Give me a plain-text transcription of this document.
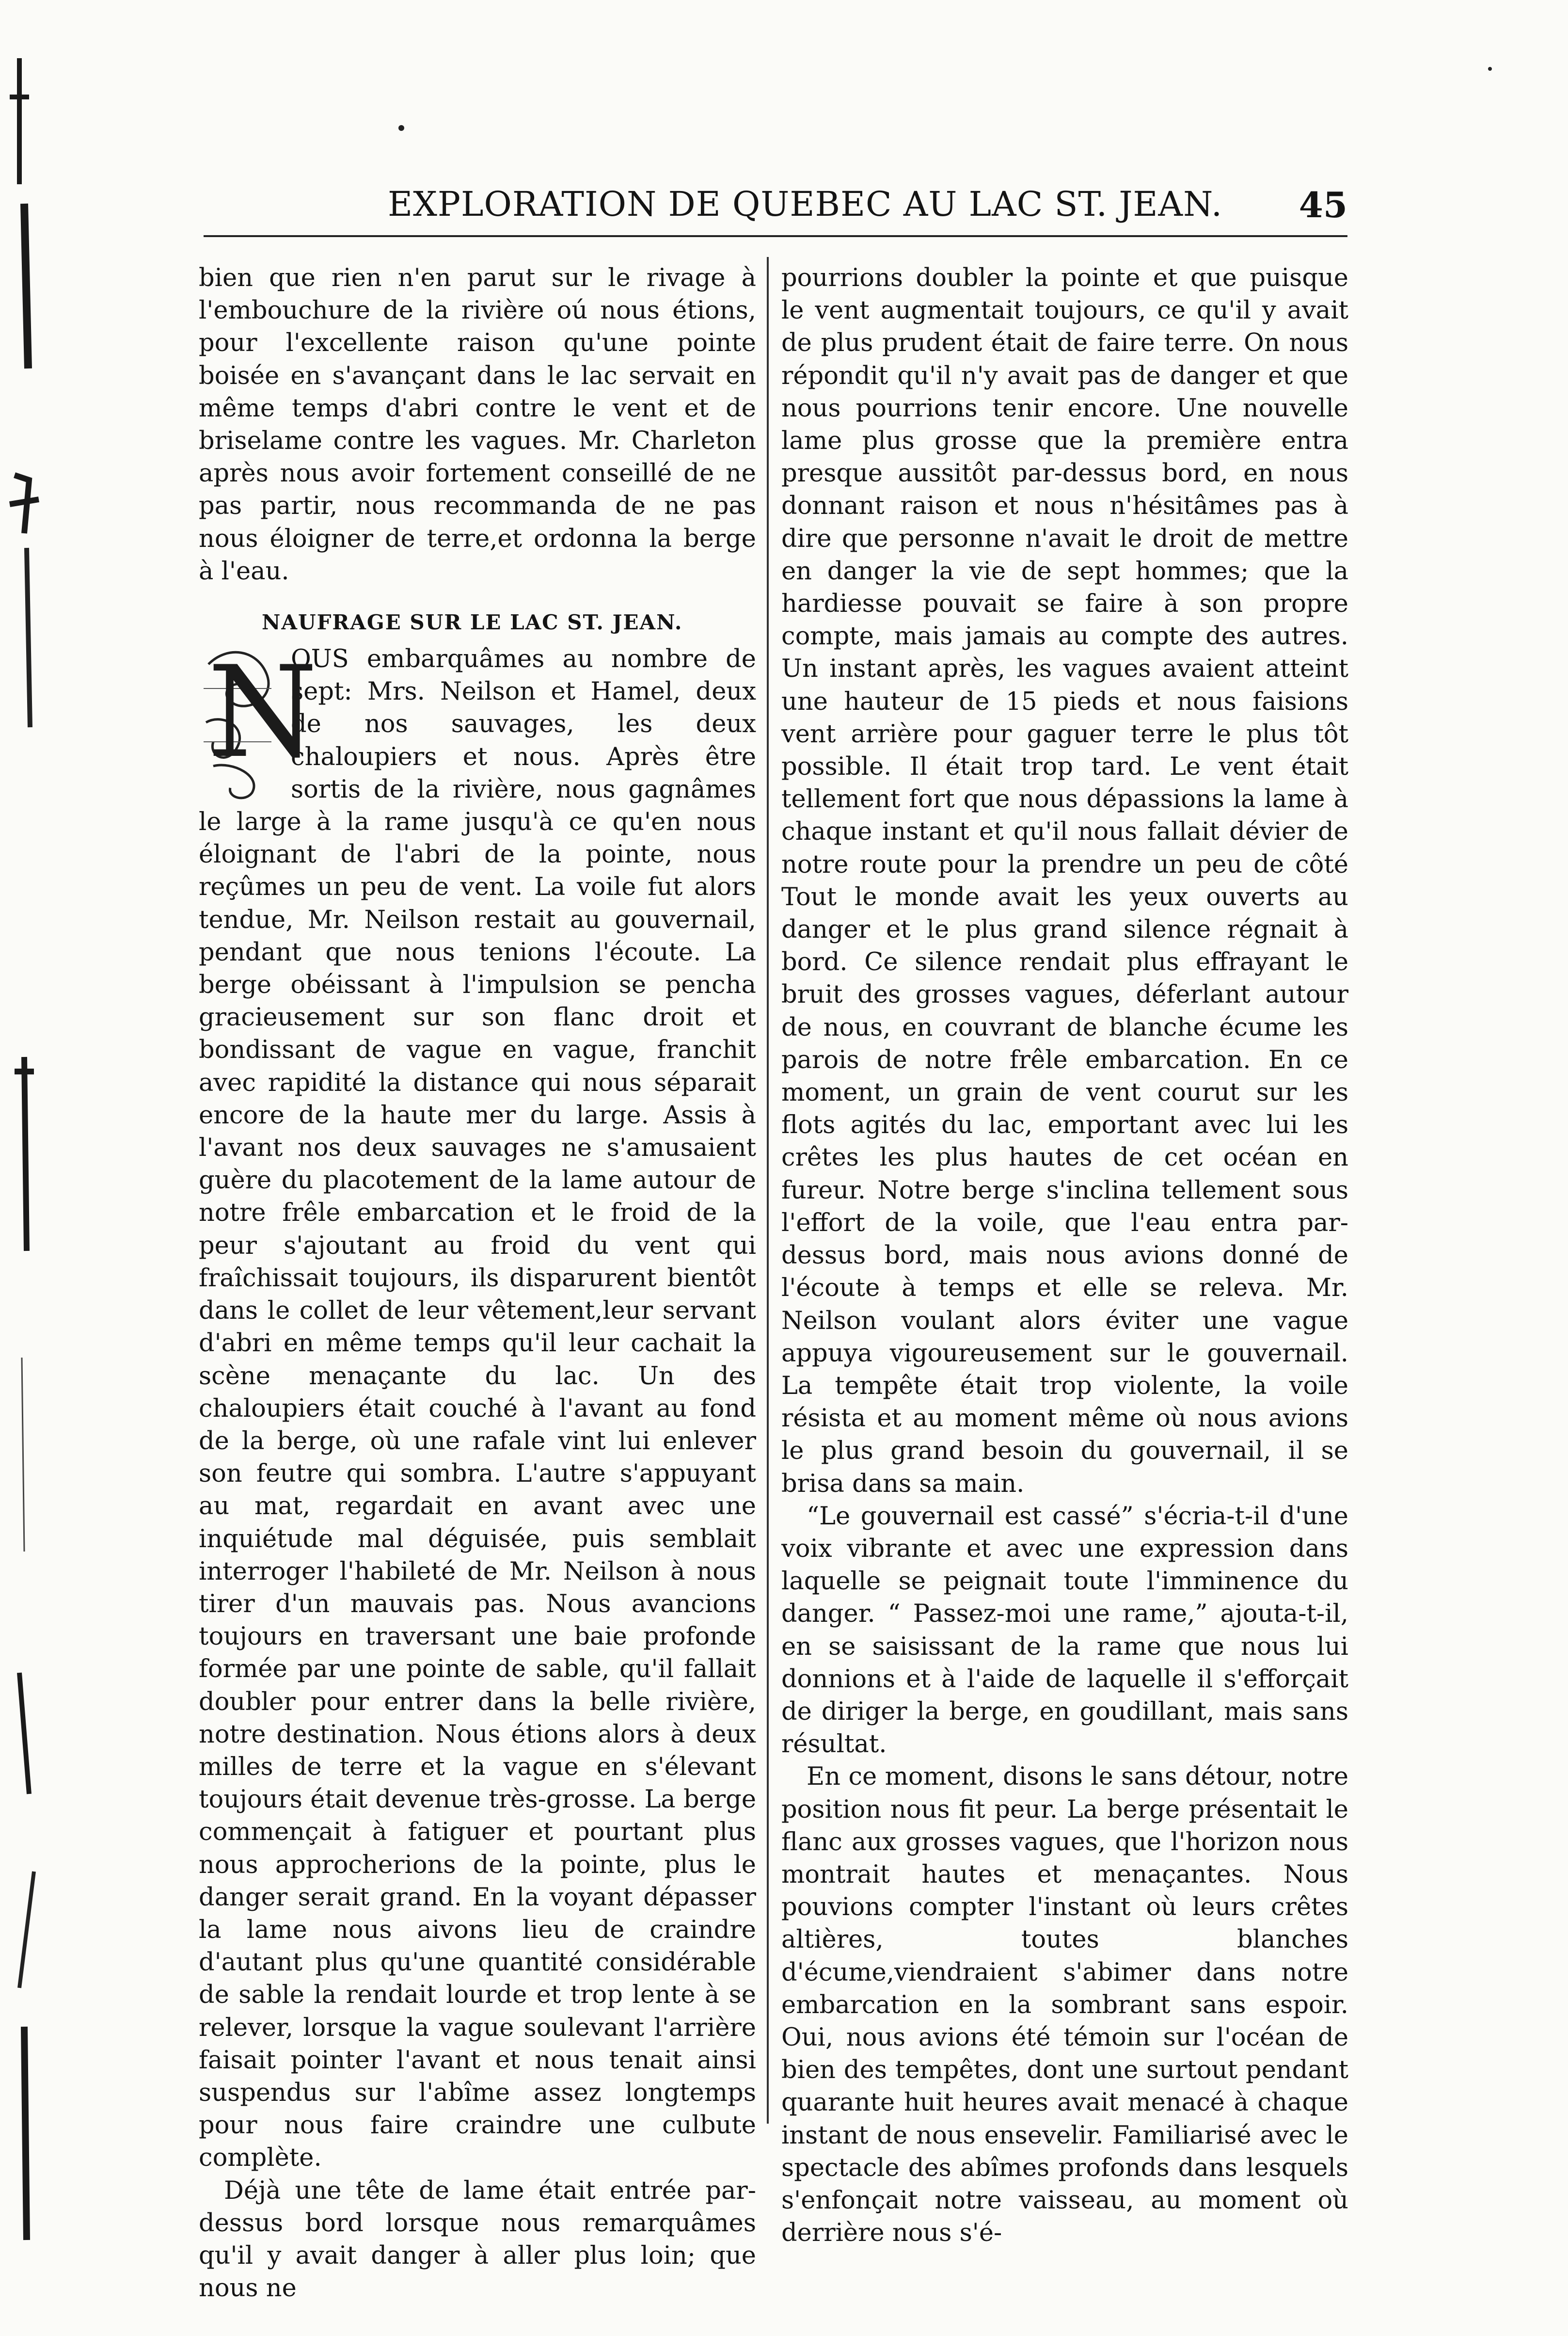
EXPLORATION DE QUEBEC AU LAC ST. JEAN. 45

bien que rien n'en parut sur le rivage à l'embouchure de la rivière oú nous étions, pour l'excellente raison qu'une pointe boisée en s'avançant dans le lac servait en même temps d'abri contre le vent et de briselame contre les vagues. Mr. Charleton après nous avoir fortement conseillé de ne pas partir, nous recommanda de ne pas nous éloigner de terre,et ordonna la berge à l'eau.

NAUFRAGE SUR LE LAC ST. JEAN.
N

OUS embarquâmes au nombre de sept: Mrs. Neilson et Hamel, deux de nos sauvages, les deux chaloupiers et nous. Après être sortis de la rivière, nous gagnâmes le large à la rame jusqu'à ce qu'en nous éloignant de l'abri de la pointe, nous reçûmes un peu de vent. La voile fut alors tendue, Mr. Neilson restait au gouvernail, pendant que nous tenions l'écoute. La berge obéissant à l'impulsion se pencha gracieusement sur son flanc droit et bondissant de vague en vague, franchit avec rapidité la distance qui nous séparait encore de la haute mer du large. Assis à l'avant nos deux sauvages ne s'amusaient guère du placotement de la lame autour de notre frêle embarcation et le froid de la peur s'ajoutant au froid du vent qui fraîchissait toujours, ils disparurent bientôt dans le collet de leur vêtement,leur servant d'abri en même temps qu'il leur cachait la scène menaçante du lac. Un des chaloupiers était couché à l'avant au fond de la berge, où une rafale vint lui enlever son feutre qui sombra. L'autre s'appuyant au mat, regardait en avant avec une inquiétude mal déguisée, puis semblait interroger l'habileté de Mr. Neilson à nous tirer d'un mauvais pas. Nous avancions toujours en traversant une baie profonde formée par une pointe de sable, qu'il fallait doubler pour entrer dans la belle rivière, notre destination. Nous étions alors à deux milles de terre et la vague en s'élevant toujours était devenue très-grosse. La berge commençait à fatiguer et pourtant plus nous approcherions de la pointe, plus le danger serait grand. En la voyant dépasser la lame nous aivons lieu de craindre d'autant plus qu'une quantité considérable de sable la rendait lourde et trop lente à se relever, lorsque la vague soulevant l'arrière faisait pointer l'avant et nous tenait ainsi suspendus sur l'abîme assez longtemps pour nous faire craindre une culbute complète.

Déjà une tête de lame était entrée par-dessus bord lorsque nous remarquâmes qu'il y avait danger à aller plus loin; que nous ne

pourrions doubler la pointe et que puisque le vent augmentait toujours, ce qu'il y avait de plus prudent était de faire terre. On nous répondit qu'il n'y avait pas de danger et que nous pourrions tenir encore. Une nouvelle lame plus grosse que la première entra presque aussitôt par-dessus bord, en nous donnant raison et nous n'hésitâmes pas à dire que personne n'avait le droit de mettre en danger la vie de sept hommes; que la hardiesse pouvait se faire à son propre compte, mais jamais au compte des autres. Un instant après, les vagues avaient atteint une hauteur de 15 pieds et nous faisions vent arrière pour gaguer terre le plus tôt possible. Il était trop tard. Le vent était tellement fort que nous dépassions la lame à chaque instant et qu'il nous fallait dévier de notre route pour la prendre un peu de côté Tout le monde avait les yeux ouverts au danger et le plus grand silence régnait à bord. Ce silence rendait plus effrayant le bruit des grosses vagues, déferlant autour de nous, en couvrant de blanche écume les parois de notre frêle embarcation. En ce moment, un grain de vent courut sur les flots agités du lac, emportant avec lui les crêtes les plus hautes de cet océan en fureur. Notre berge s'inclina tellement sous l'effort de la voile, que l'eau entra par-dessus bord, mais nous avions donné de l'écoute à temps et elle se releva. Mr. Neilson voulant alors éviter une vague appuya vigoureusement sur le gouvernail. La tempête était trop violente, la voile résista et au moment même où nous avions le plus grand besoin du gouvernail, il se brisa dans sa main.

“Le gouvernail est cassé” s'écria-t-il d'une voix vibrante et avec une expression dans laquelle se peignait toute l'imminence du danger. “ Passez-moi une rame,” ajouta-t-il, en se saisissant de la rame que nous lui donnions et à l'aide de laquelle il s'efforçait de diriger la berge, en goudillant, mais sans résultat.

En ce moment, disons le sans détour, notre position nous fit peur. La berge présentait le flanc aux grosses vagues, que l'horizon nous montrait hautes et menaçantes. Nous pouvions compter l'instant où leurs crêtes altières, toutes blanches d'écume,viendraient s'abimer dans notre embarcation en la sombrant sans espoir. Oui, nous avions été témoin sur l'océan de bien des tempêtes, dont une surtout pendant quarante huit heures avait menacé à chaque instant de nous ensevelir. Familiarisé avec le spectacle des abîmes profonds dans lesquels s'enfonçait notre vaisseau, au moment où derrière nous s'é-
